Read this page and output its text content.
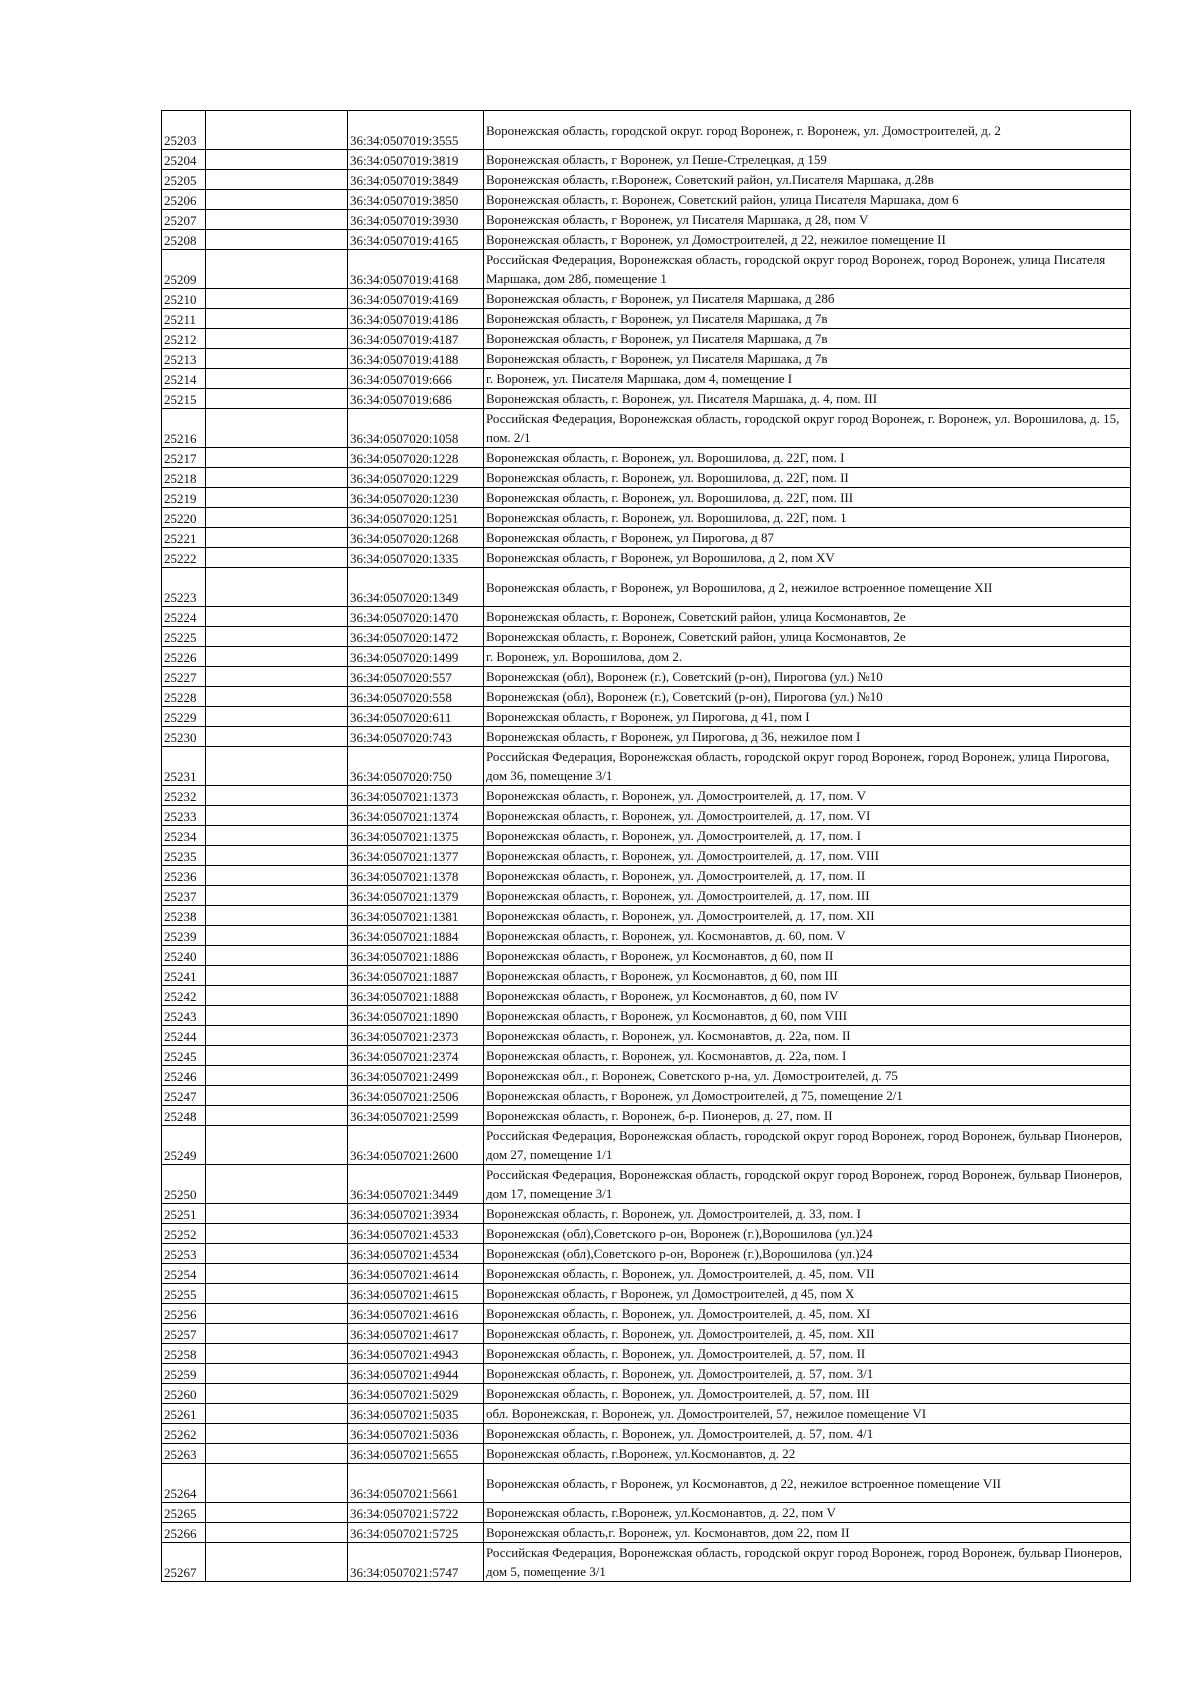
25203		36:34:0507019:3555	Воронежская область, городской округ. город Воронеж, г. Воронеж, ул. Домостроителей, д. 2
25204		36:34:0507019:3819	Воронежская область, г Воронеж, ул Пеше-Стрелецкая, д 159
25205		36:34:0507019:3849	Воронежская область, г.Воронеж, Советский район, ул.Писателя Маршака, д.28в
25206		36:34:0507019:3850	Воронежская область, г. Воронеж, Советский район, улица Писателя Маршака, дом 6
25207		36:34:0507019:3930	Воронежская область, г Воронеж, ул Писателя Маршака, д 28, пом V
25208		36:34:0507019:4165	Воронежская область, г Воронеж, ул Домостроителей, д 22, нежилое помещение II
25209		36:34:0507019:4168	Российская Федерация, Воронежская область, городской округ город Воронеж, город Воронеж, улица Писателя Маршака, дом 28б, помещение 1
25210		36:34:0507019:4169	Воронежская область, г Воронеж, ул Писателя Маршака, д 28б
25211		36:34:0507019:4186	Воронежская область, г Воронеж, ул Писателя Маршака, д 7в
25212		36:34:0507019:4187	Воронежская область, г Воронеж, ул Писателя Маршака, д 7в
25213		36:34:0507019:4188	Воронежская область, г Воронеж, ул Писателя Маршака, д 7в
25214		36:34:0507019:666	г. Воронеж, ул. Писателя Маршака, дом 4, помещение I
25215		36:34:0507019:686	Воронежская область, г. Воронеж, ул. Писателя Маршака, д. 4, пом. III
25216		36:34:0507020:1058	Российская Федерация, Воронежская область, городской округ город Воронеж, г. Воронеж, ул. Ворошилова, д. 15, пом. 2/1
25217		36:34:0507020:1228	Воронежская область, г. Воронеж, ул. Ворошилова, д. 22Г, пом. I
25218		36:34:0507020:1229	Воронежская область, г. Воронеж, ул. Ворошилова, д. 22Г, пом. II
25219		36:34:0507020:1230	Воронежская область, г. Воронеж, ул. Ворошилова, д. 22Г, пом. III
25220		36:34:0507020:1251	Воронежская область, г. Воронеж, ул. Ворошилова, д. 22Г, пом. 1
25221		36:34:0507020:1268	Воронежская область, г Воронеж, ул Пирогова, д 87
25222		36:34:0507020:1335	Воронежская область, г Воронеж, ул Ворошилова, д 2, пом XV
25223		36:34:0507020:1349	Воронежская область, г Воронеж, ул Ворошилова, д 2, нежилое встроенное помещение XII
25224		36:34:0507020:1470	Воронежская область, г. Воронеж, Советский район, улица Космонавтов, 2е
25225		36:34:0507020:1472	Воронежская область, г. Воронеж, Советский район, улица Космонавтов, 2е
25226		36:34:0507020:1499	г. Воронеж, ул. Ворошилова, дом 2.
25227		36:34:0507020:557	Воронежская (обл), Воронеж (г.), Советский (р-он), Пирогова (ул.) №10
25228		36:34:0507020:558	Воронежская (обл), Воронеж (г.), Советский (р-он), Пирогова (ул.) №10
25229		36:34:0507020:611	Воронежская область, г Воронеж, ул Пирогова, д 41, пом I
25230		36:34:0507020:743	Воронежская область, г Воронеж, ул Пирогова, д 36, нежилое пом I
25231		36:34:0507020:750	Российская Федерация, Воронежская область, городской округ город Воронеж, город Воронеж, улица Пирогова, дом 36, помещение 3/1
25232		36:34:0507021:1373	Воронежская область, г. Воронеж, ул. Домостроителей, д. 17, пом. V
25233		36:34:0507021:1374	Воронежская область, г. Воронеж, ул. Домостроителей, д. 17, пом. VI
25234		36:34:0507021:1375	Воронежская область, г. Воронеж, ул. Домостроителей, д. 17, пом. I
25235		36:34:0507021:1377	Воронежская область, г. Воронеж, ул. Домостроителей, д. 17, пом. VIII
25236		36:34:0507021:1378	Воронежская область, г. Воронеж, ул. Домостроителей, д. 17, пом. II
25237		36:34:0507021:1379	Воронежская область, г. Воронеж, ул. Домостроителей, д. 17, пом. III
25238		36:34:0507021:1381	Воронежская область, г. Воронеж, ул. Домостроителей, д. 17, пом. XII
25239		36:34:0507021:1884	Воронежская область, г. Воронеж, ул. Космонавтов, д. 60, пом. V
25240		36:34:0507021:1886	Воронежская область, г Воронеж, ул Космонавтов, д 60, пом II
25241		36:34:0507021:1887	Воронежская область, г Воронеж, ул Космонавтов, д 60, пом III
25242		36:34:0507021:1888	Воронежская область, г Воронеж, ул Космонавтов, д 60, пом IV
25243		36:34:0507021:1890	Воронежская область, г Воронеж, ул Космонавтов, д 60, пом VIII
25244		36:34:0507021:2373	Воронежская область, г. Воронеж, ул. Космонавтов, д. 22а, пом. II
25245		36:34:0507021:2374	Воронежская область, г. Воронеж, ул. Космонавтов, д. 22а, пом. I
25246		36:34:0507021:2499	Воронежская обл., г. Воронеж, Советского р-на, ул. Домостроителей, д. 75
25247		36:34:0507021:2506	Воронежская область, г Воронеж, ул Домостроителей, д 75, помещение 2/1
25248		36:34:0507021:2599	Воронежская область, г. Воронеж, б-р. Пионеров, д. 27, пом. II
25249		36:34:0507021:2600	Российская Федерация, Воронежская область, городской округ город Воронеж, город Воронеж, бульвар Пионеров, дом 27, помещение 1/1
25250		36:34:0507021:3449	Российская Федерация, Воронежская область, городской округ город Воронеж, город Воронеж, бульвар Пионеров, дом 17, помещение 3/1
25251		36:34:0507021:3934	Воронежская область, г. Воронеж, ул. Домостроителей, д. 33, пом. I
25252		36:34:0507021:4533	Воронежская (обл),Советского р-он, Воронеж (г.),Ворошилова (ул.)24
25253		36:34:0507021:4534	Воронежская (обл),Советского р-он, Воронеж (г.),Ворошилова (ул.)24
25254		36:34:0507021:4614	Воронежская область, г. Воронеж, ул. Домостроителей, д. 45, пом. VII
25255		36:34:0507021:4615	Воронежская область, г Воронеж, ул Домостроителей, д 45, пом X
25256		36:34:0507021:4616	Воронежская область, г. Воронеж, ул. Домостроителей, д. 45, пом. XI
25257		36:34:0507021:4617	Воронежская область, г. Воронеж, ул. Домостроителей, д. 45, пом. XII
25258		36:34:0507021:4943	Воронежская область, г. Воронеж, ул. Домостроителей, д. 57, пом. II
25259		36:34:0507021:4944	Воронежская область, г. Воронеж, ул. Домостроителей, д. 57, пом. 3/1
25260		36:34:0507021:5029	Воронежская область, г. Воронеж, ул. Домостроителей, д. 57, пом. III
25261		36:34:0507021:5035	обл. Воронежская, г. Воронеж, ул. Домостроителей, 57, нежилое помещение VI
25262		36:34:0507021:5036	Воронежская область, г. Воронеж, ул. Домостроителей, д. 57, пом. 4/1
25263		36:34:0507021:5655	Воронежская область, г.Воронеж, ул.Космонавтов, д. 22
25264		36:34:0507021:5661	Воронежская область, г Воронеж, ул Космонавтов, д 22, нежилое встроенное помещение VII
25265		36:34:0507021:5722	Воронежская область, г.Воронеж, ул.Космонавтов, д. 22, пом V
25266		36:34:0507021:5725	Воронежская область,г. Воронеж, ул. Космонавтов, дом 22, пом II
25267		36:34:0507021:5747	Российская Федерация, Воронежская область, городской округ город Воронеж, город Воронеж, бульвар Пионеров, дом 5, помещение 3/1
